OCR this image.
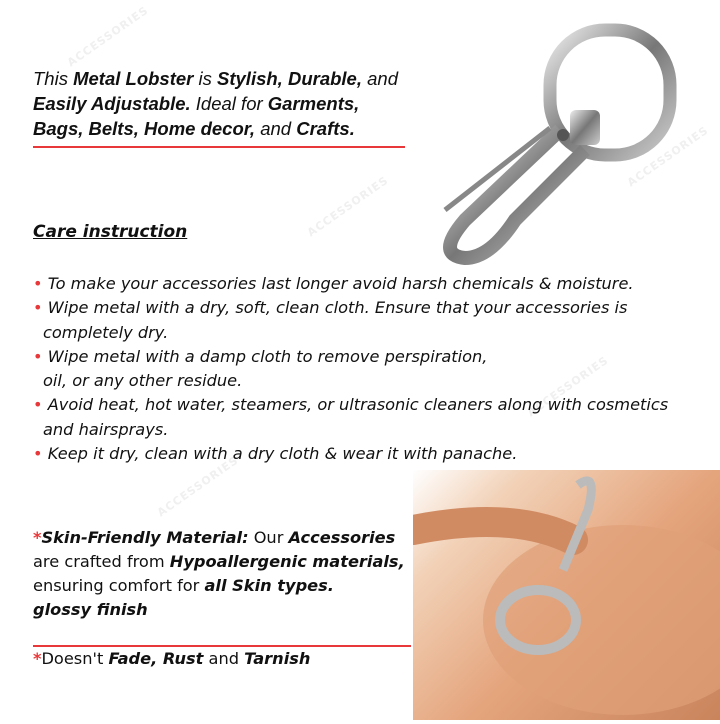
ACCESSORIES
ACCESSORIES
ACCESSORIES
ACCESSORIES
ACCESSORIES
This Metal Lobster is Stylish, Durable, and
Easily Adjustable. Ideal for Garments,
Bags, Belts, Home decor, and Crafts.
Care instruction
• To make your accessories last longer avoid harsh chemicals & moisture.
• Wipe metal with a dry, soft, clean cloth. Ensure that your accessories is completely dry.
• Wipe metal with a damp cloth to remove perspiration, oil, or any other residue.
• Avoid heat, hot water, steamers, or ultrasonic cleaners along with cosmetics and hairsprays.
• Keep it dry, clean with a dry cloth & wear it with panache.
*Skin-Friendly Material: Our Accessories are crafted from Hypoallergenic materials, ensuring comfort for all Skin types.
glossy finish
*Doesn't Fade, Rust and Tarnish
